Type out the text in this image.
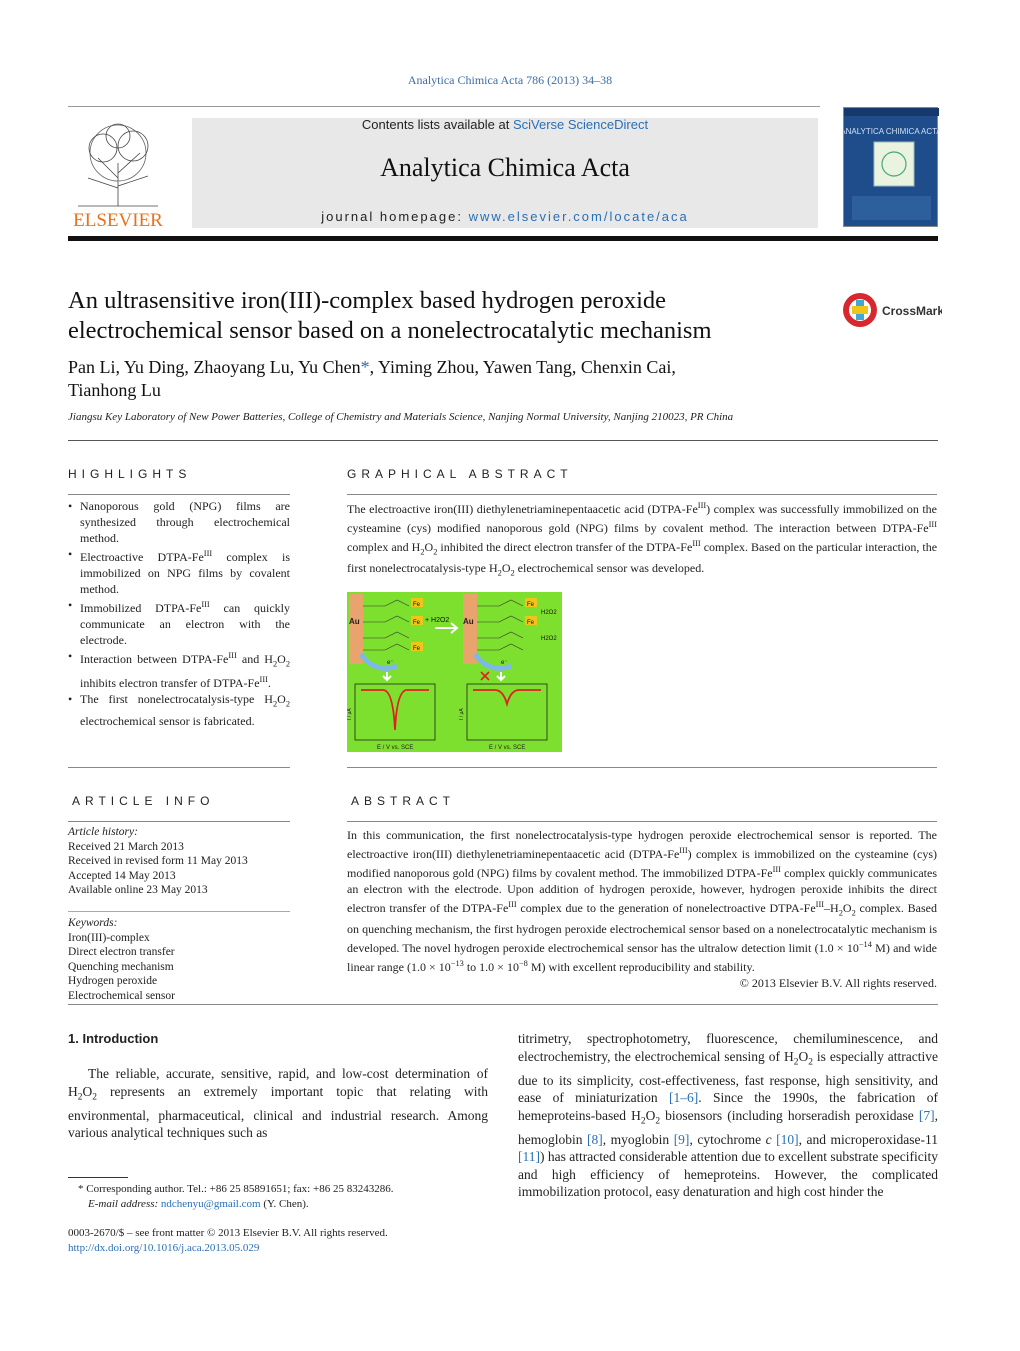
Analytica Chimica Acta 786 (2013) 34–38
ELSEVIER
Contents lists available at SciVerse ScienceDirect
Analytica Chimica Acta
journal homepage: www.elsevier.com/locate/aca
ANALYTICA CHIMICA ACTA
An ultrasensitive iron(III)-complex based hydrogen peroxide
electrochemical sensor based on a nonelectrocatalytic mechanism
CrossMark
Pan Li, Yu Ding, Zhaoyang Lu, Yu Chen*, Yiming Zhou, Yawen Tang, Chenxin Cai,
Tianhong Lu
Jiangsu Key Laboratory of New Power Batteries, College of Chemistry and Materials Science, Nanjing Normal University, Nanjing 210023, PR China
HIGHLIGHTS
• Nanoporous gold (NPG) films are synthesized through electrochemical method.
• Electroactive DTPA-$Fe^{III}$ complex is immobilized on NPG films by covalent method.
• Immobilized DTPA-$Fe^{III}$ can quickly communicate an electron with the electrode.
• Interaction between DTPA-$Fe^{III}$ and $H_2O_2$ inhibits electron transfer of DTPA-$Fe^{III}$.
• The first nonelectrocatalysis-type $H_2O_2$ electrochemical sensor is fabricated.
GRAPHICAL ABSTRACT
The electroactive iron(III) diethylenetriaminepentaacetic acid $(DTPA-Fe^{III})$ complex was successfully immobilized on the cysteamine (cys) modified nanoporous gold (NPG) films by covalent method. The interaction between DTPA-$Fe^{III}$ complex and $H_2O_2$ inhibited the direct electron transfer of the DTPA-$Fe^{III}$ complex. Based on the particular interaction, the first nonelectrocatalysis-type $H_2O_2$ electrochemical sensor was developed.
Au
Fe
Fe
Fe
+ H2O2
e⁻
Au
Fe
Fe
H2O2
H2O2
e⁻
E / V vs. SCE	E / V vs. SCE
I / μA	I / μA
ARTICLE INFO
Article history:
Received 21 March 2013
Received in revised form 11 May 2013
Accepted 14 May 2013
Available online 23 May 2013
Keywords:
Iron(III)-complex
Direct electron transfer
Quenching mechanism
Hydrogen peroxide
Electrochemical sensor
ABSTRACT
In this communication, the first nonelectrocatalysis-type hydrogen peroxide electrochemical sensor is reported. The electroactive iron(III) diethylenetriaminepentaacetic acid $(DTPA-Fe^{III})$ complex is immobilized on the cysteamine (cys) modified nanoporous gold (NPG) films by covalent method. The immobilized DTPA-$Fe^{III}$ complex quickly communicates an electron with the electrode. Upon addition of hydrogen peroxide, however, hydrogen peroxide inhibits the direct electron transfer of the DTPA-$Fe^{III}$ complex due to the generation of nonelectroactive DTPA-$Fe^{III}-H_2O_2$ complex. Based on quenching mechanism, the first hydrogen peroxide electrochemical sensor based on a nonelectrocatalytic mechanism is developed. The novel hydrogen peroxide electrochemical sensor has the ultralow detection limit ($1.0 \times 10^{-14}$ M) and wide linear range ($1.0 \times 10^{-13}$ to $1.0 \times 10^{-8}$ M) with excellent reproducibility and stability.
© 2013 Elsevier B.V. All rights reserved.
1. Introduction
The reliable, accurate, sensitive, rapid, and low-cost determination of $H_2O_2$ represents an extremely important topic that relating with environmental, pharmaceutical, clinical and industrial research. Among various analytical techniques such as
titrimetry, spectrophotometry, fluorescence, chemiluminescence, and electrochemistry, the electrochemical sensing of $H_2O_2$ is especially attractive due to its simplicity, cost-effectiveness, fast response, high sensitivity, and ease of miniaturization [1–6]. Since the 1990s, the fabrication of hemeproteins-based $H_2O_2$ biosensors (including horseradish peroxidase [7], hemoglobin [8], myoglobin [9], cytochrome c [10], and microperoxidase-11 [11]) has attracted considerable attention due to excellent substrate specificity and high efficiency of hemeproteins. However, the complicated immobilization protocol, easy denaturation and high cost hinder the
* Corresponding author. Tel.: +86 25 85891651; fax: +86 25 83243286.
E-mail address: ndchenyu@gmail.com (Y. Chen).
0003-2670/$ – see front matter © 2013 Elsevier B.V. All rights reserved.
http://dx.doi.org/10.1016/j.aca.2013.05.029
